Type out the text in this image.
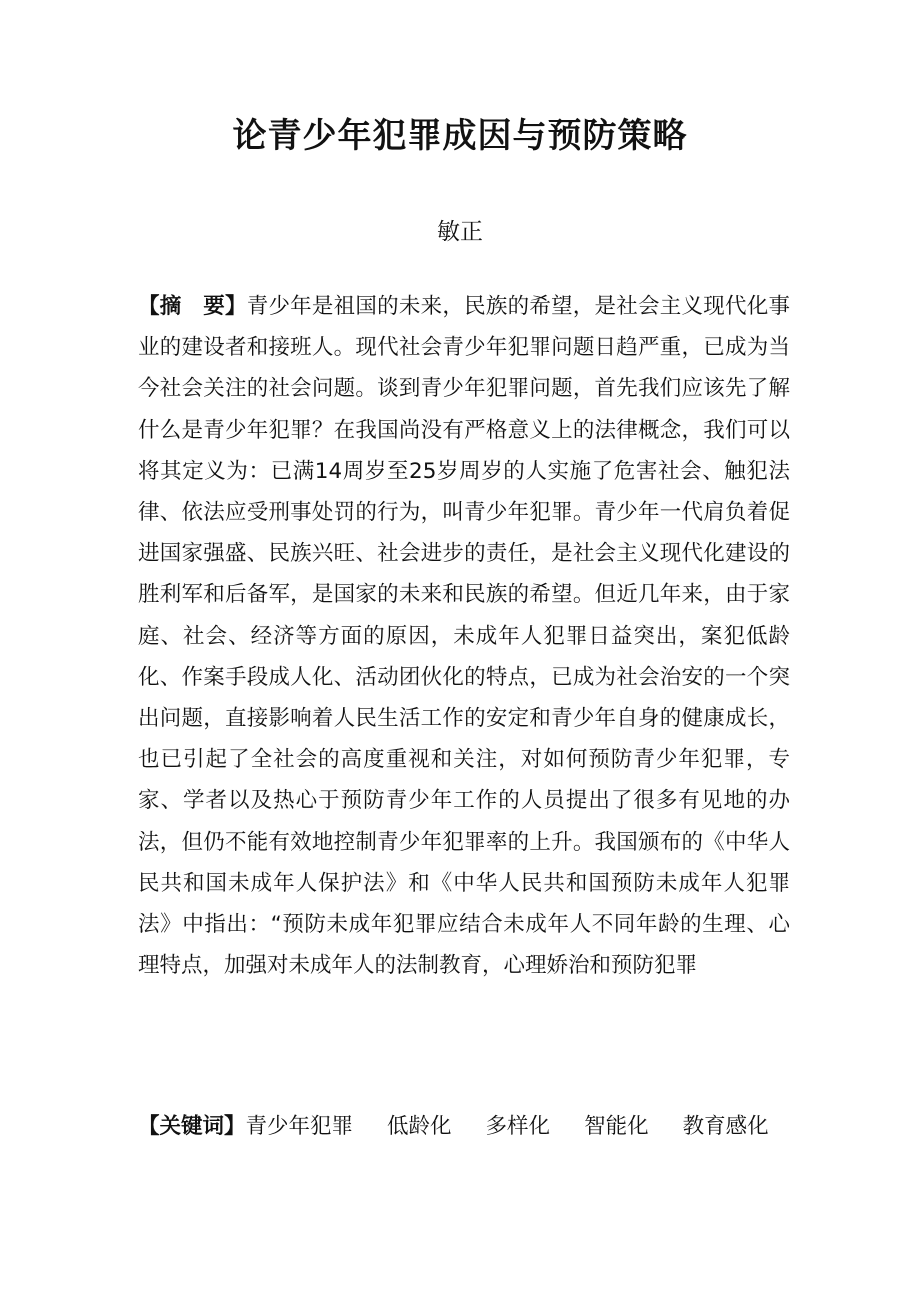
论青少年犯罪成因与预防策略
敏正

【摘　要】青少年是祖国的未来，民族的希望，是社会主义现代化事业的建设者和接班人。现代社会青少年犯罪问题日趋严重，已成为当今社会关注的社会问题。谈到青少年犯罪问题，首先我们应该先了解什么是青少年犯罪？在我国尚没有严格意义上的法律概念，我们可以将其定义为：已满14周岁至25岁周岁的人实施了危害社会、触犯法律、依法应受刑事处罚的行为，叫青少年犯罪。青少年一代肩负着促进国家强盛、民族兴旺、社会进步的责任，是社会主义现代化建设的胜利军和后备军，是国家的未来和民族的希望。但近几年来，由于家庭、社会、经济等方面的原因，未成年人犯罪日益突出，案犯低龄化、作案手段成人化、活动团伙化的特点，已成为社会治安的一个突出问题，直接影响着人民生活工作的安定和青少年自身的健康成长，也已引起了全社会的高度重视和关注，对如何预防青少年犯罪，专家、学者以及热心于预防青少年工作的人员提出了很多有见地的办法，但仍不能有效地控制青少年犯罪率的上升。我国颁布的《中华人民共和国未成年人保护法》和《中华人民共和国预防未成年人犯罪法》中指出：“预防未成年犯罪应结合未成年人不同年龄的生理、心理特点，加强对未成年人的法制教育，心理娇治和预防犯罪

【关键词】青少年犯罪 低龄化 多样化 智能化 教育感化
